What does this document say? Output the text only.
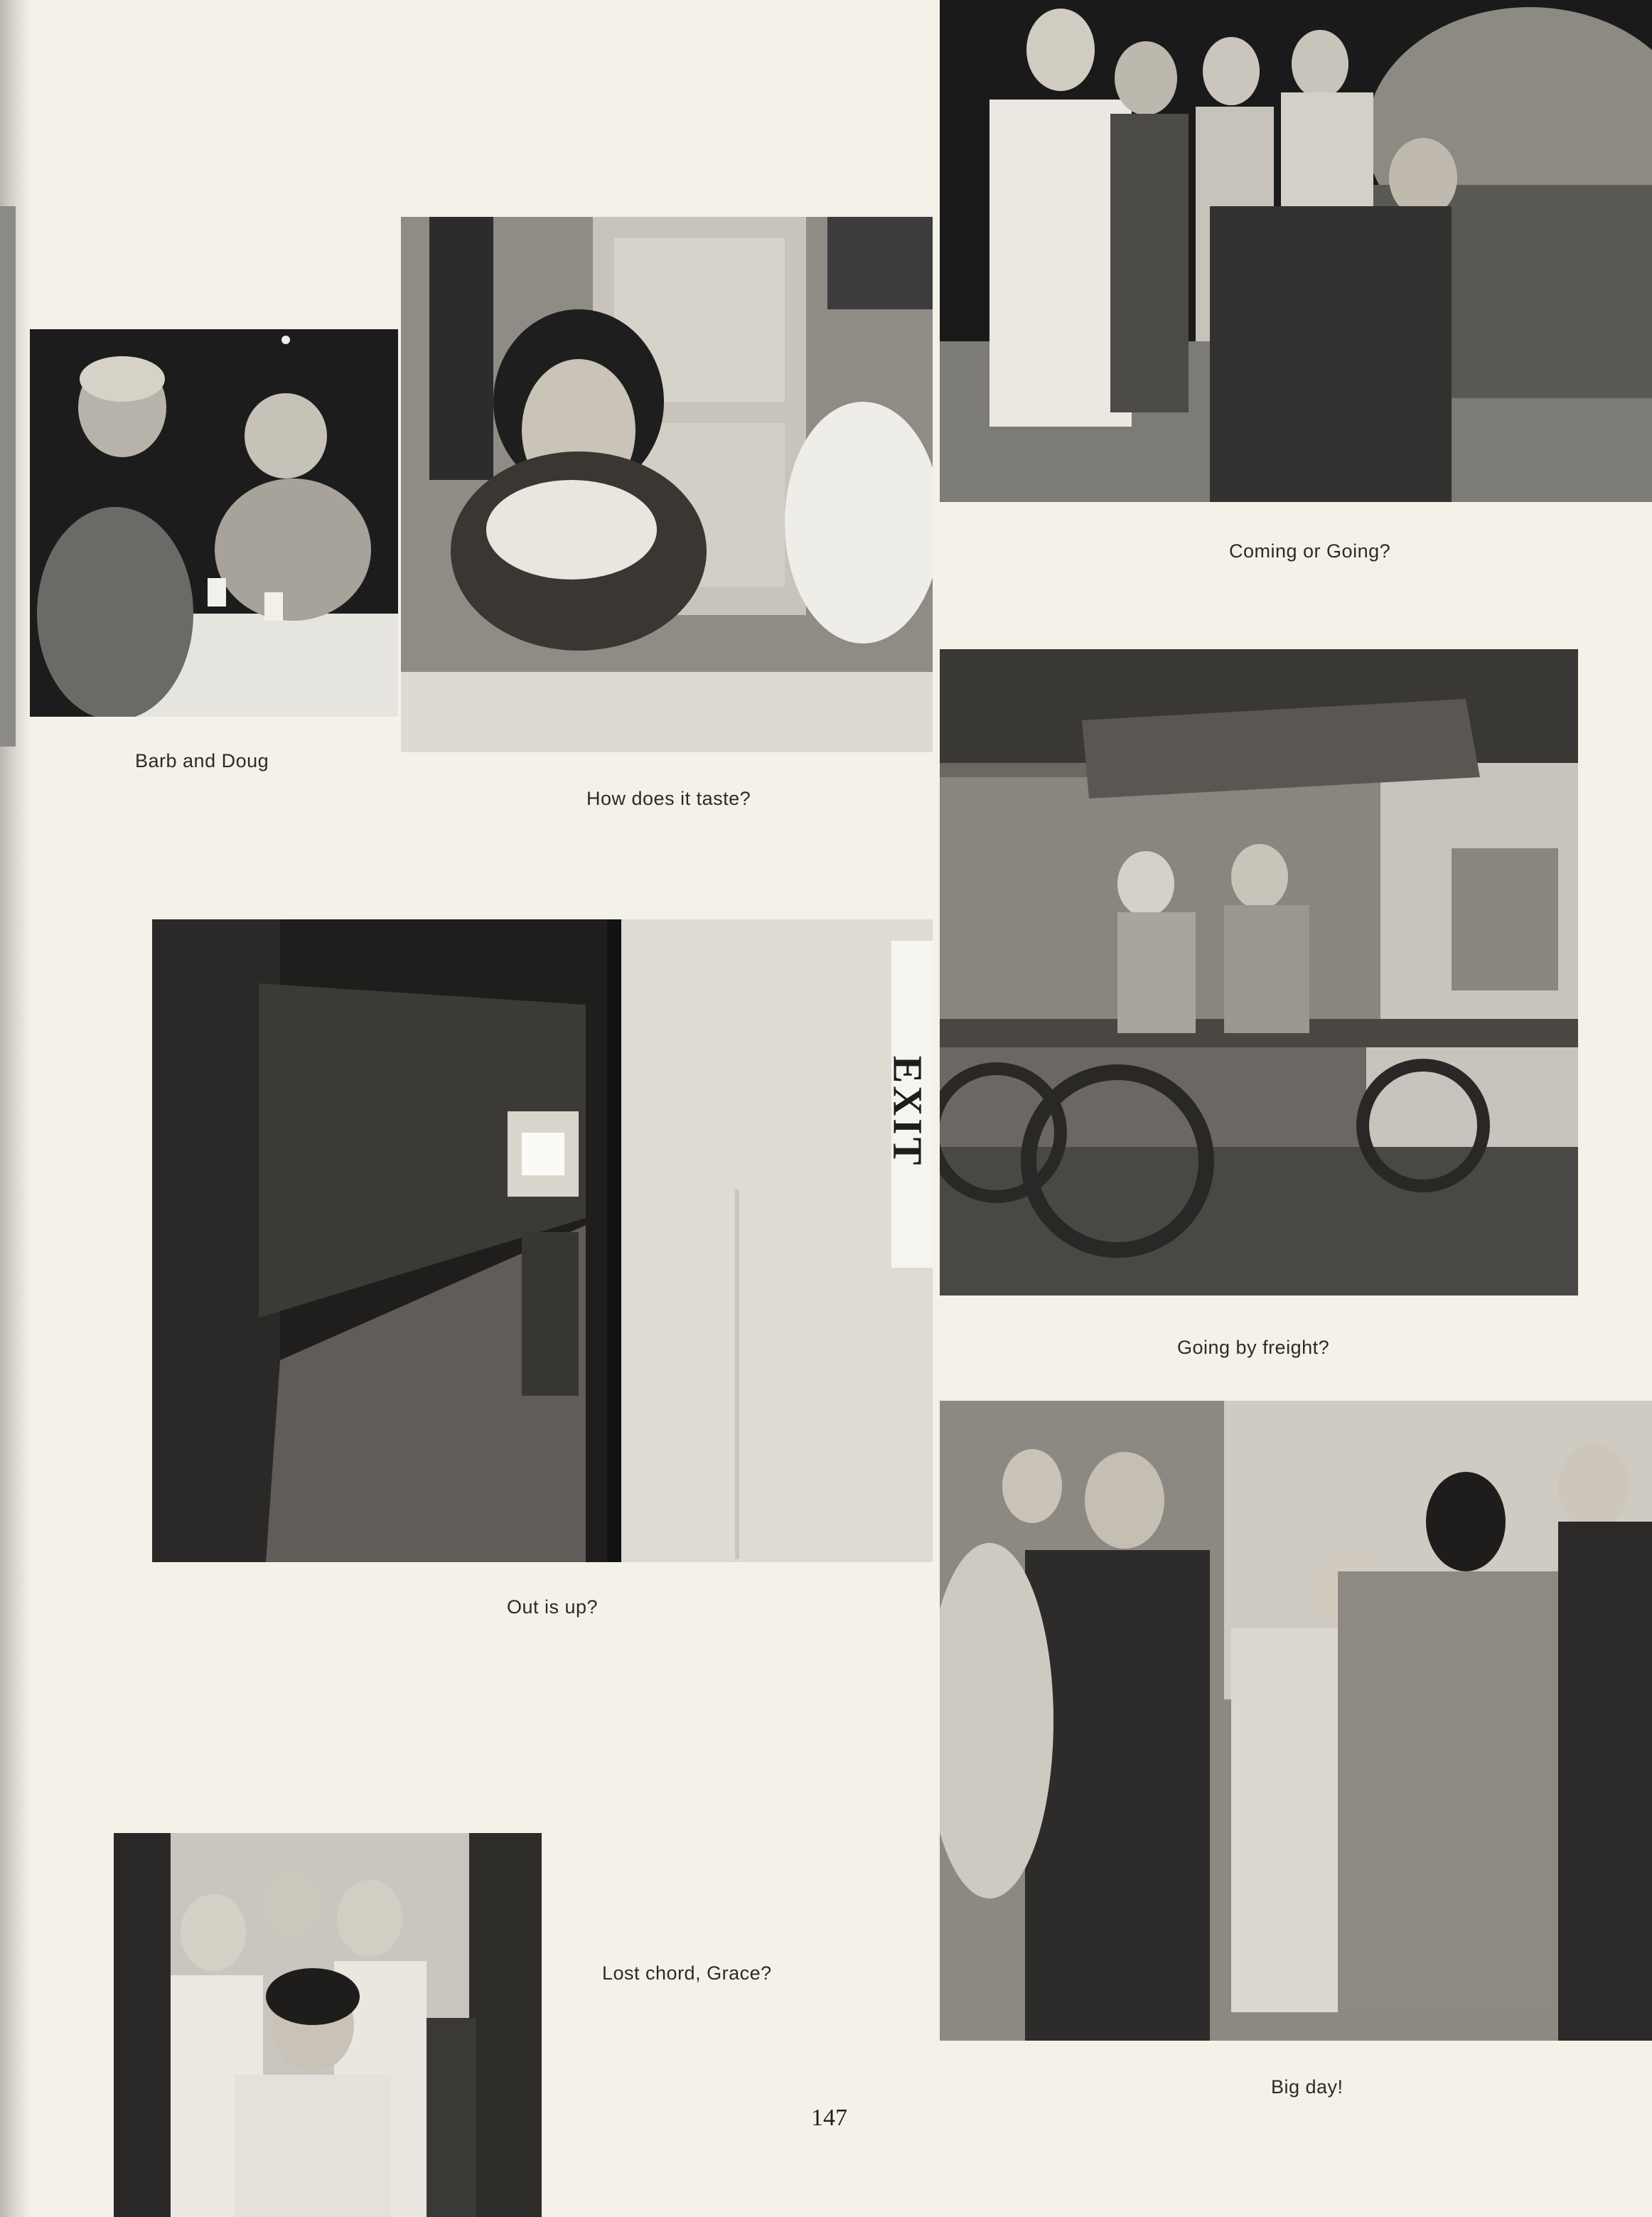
Barb and Doug
How does it taste?
Coming or Going?
Going by freight?
EXIT
Out is up?
Big day!
Lost chord, Grace?
147
